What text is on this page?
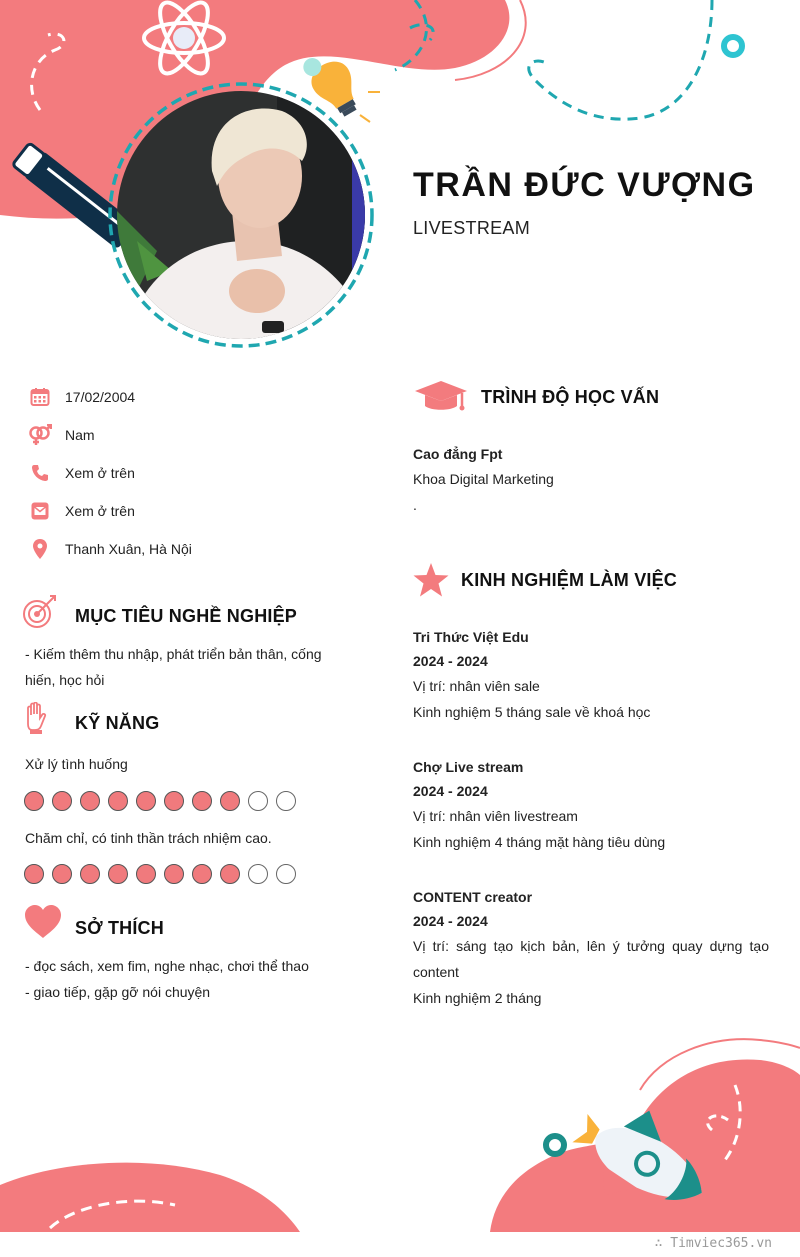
TRẦN ĐỨC VƯỢNG
LIVESTREAM
17/02/2004
Nam
Xem ở trên
Xem ở trên
Thanh Xuân, Hà Nội
MỤC TIÊU NGHỀ NGHIỆP
- Kiếm thêm thu nhập, phát triển bản thân, cống
hiến, học hỏi
KỸ NĂNG
Xử lý tình huống
Chăm chỉ, có tinh thần trách nhiệm cao.
SỞ THÍCH
- đọc sách, xem fim, nghe nhạc, chơi thể thao
- giao tiếp, gặp gỡ nói chuyện
TRÌNH ĐỘ HỌC VẤN
Cao đẳng Fpt
Khoa Digital Marketing
.
KINH NGHIỆM LÀM VIỆC
Tri Thức Việt Edu
2024 - 2024
Vị trí: nhân viên sale
Kinh nghiệm 5 tháng sale về khoá học
Chợ Live stream
2024 - 2024
Vị trí: nhân viên livestream
Kinh nghiệm 4 tháng mặt hàng tiêu dùng
CONTENT creator
2024 - 2024
Vị trí: sáng tạo kịch bản, lên ý tưởng quay dựng tạo content
Kinh nghiệm 2 tháng
∴ Timviec365.vn
